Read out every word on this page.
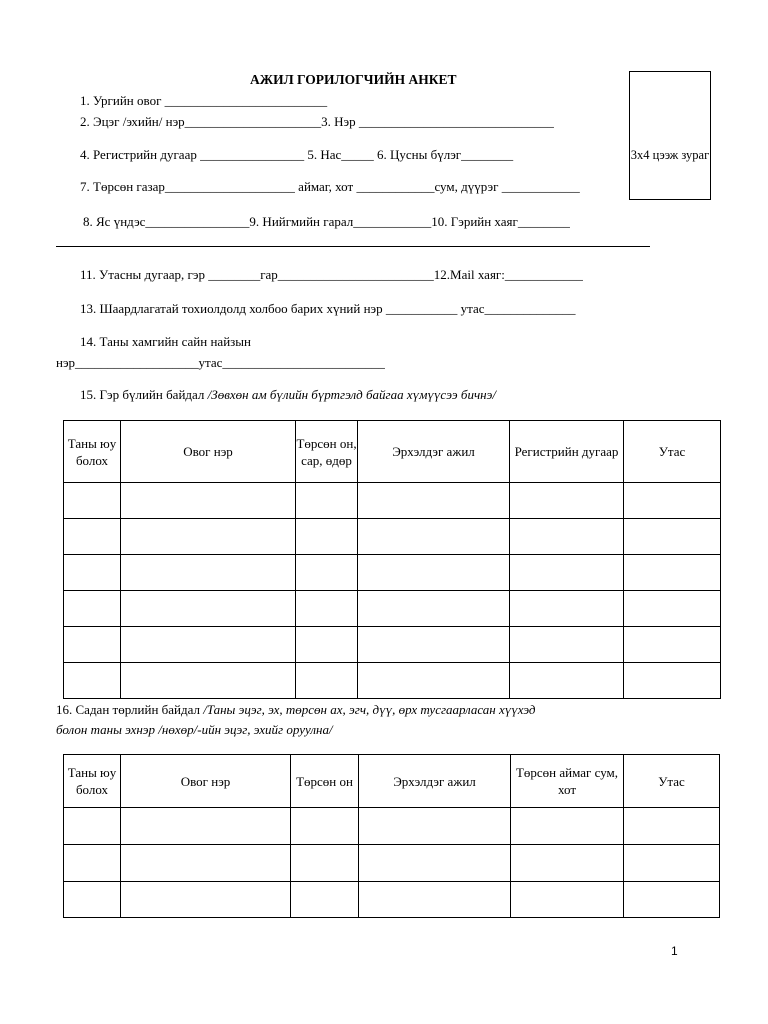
АЖИЛ ГОРИЛОГЧИЙН АНКЕТ
3х4 цээж зураг
1. Ургийн овог _________________________
2. Эцэг /эхийн/ нэр_____________________3. Нэр ______________________________
4. Регистрийн дугаар ________________ 5. Нас_____ 6. Цусны бүлэг________
7. Төрсөн газар____________________ аймаг, хот ____________сум, дүүрэг ____________
8. Яс үндэс________________9. Нийгмийн гарал____________10. Гэрийн хаяг________
11. Утасны дугаар, гэр ________гар________________________12.Mail хаяг:____________
13. Шаардлагатай тохиолдолд холбоо барих хүний нэр ___________ утас______________
14. Таны хамгийн сайн найзын
нэр___________________утас_________________________
15. Гэр бүлийн байдал /Зөвхөн ам бүлийн бүртгэлд байгаа хүмүүсээ бичнэ/
Таны юу болох	Овог нэр	Төрсөн он, сар, өдөр	Эрхэлдэг ажил	Регистрийн дугаар	Утас

16. Садан төрлийн байдал /Таны эцэг, эх, төрсөн ах, эгч, дүү, өрх тусгаарласан хүүхэд
болон таны эхнэр /нөхөр/-ийн эцэг, эхийг оруулна/
Таны юу болох	Овог нэр	Төрсөн он	Эрхэлдэг ажил	Төрсөн аймаг сум, хот	Утас

1
